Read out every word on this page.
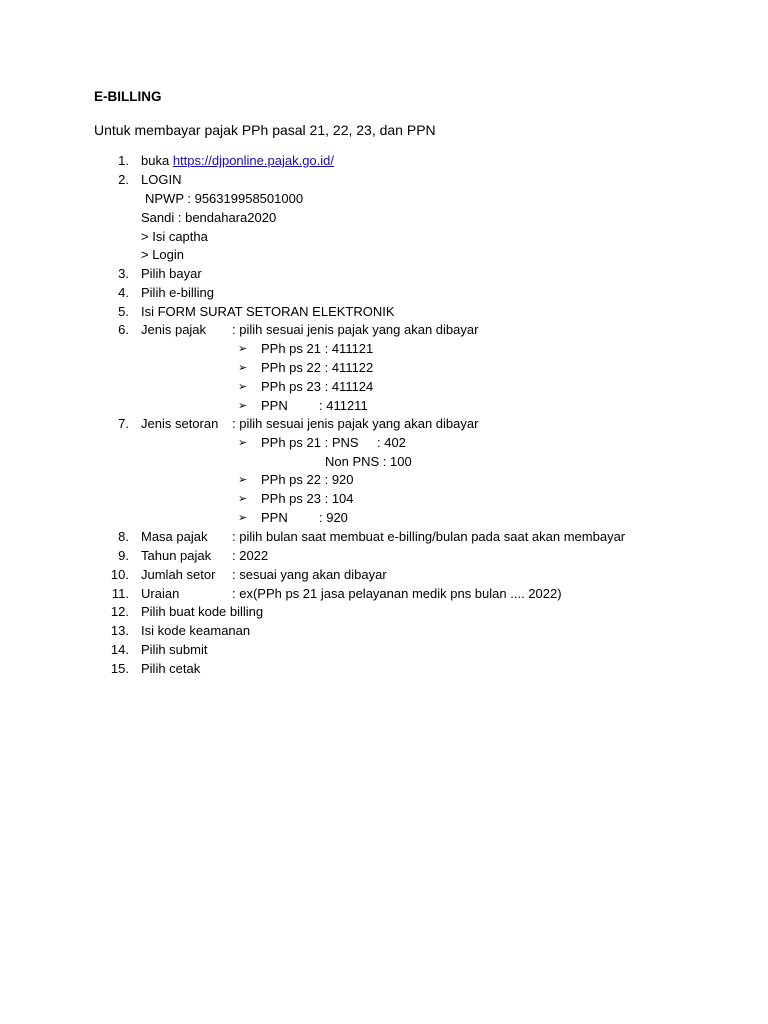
E-BILLING
Untuk membayar pajak PPh pasal 21, 22, 23, dan PPN
1. buka https://djponline.pajak.go.id/
2. LOGIN
NPWP : 956319958501000
Sandi : bendahara2020
> Isi captha
> Login
3. Pilih bayar
4. Pilih e-billing
5. Isi FORM SURAT SETORAN ELEKTRONIK
6. Jenis pajak : pilih sesuai jenis pajak yang akan dibayar
➢ PPh ps 21 : 411121
➢ PPh ps 22 : 411122
➢ PPh ps 23 : 411124
➢ PPN : 411211
7. Jenis setoran : pilih sesuai jenis pajak yang akan dibayar
➢ PPh ps 21 : PNS : 402
Non PNS : 100
➢ PPh ps 22 : 920
➢ PPh ps 23 : 104
➢ PPN : 920
8. Masa pajak : pilih bulan saat membuat e-billing/bulan pada saat akan membayar
9. Tahun pajak : 2022
10. Jumlah setor : sesuai yang akan dibayar
11. Uraian	: ex(PPh ps 21 jasa pelayanan medik pns bulan .... 2022)
12. Pilih buat kode billing
13. Isi kode keamanan
14. Pilih submit
15. Pilih cetak
